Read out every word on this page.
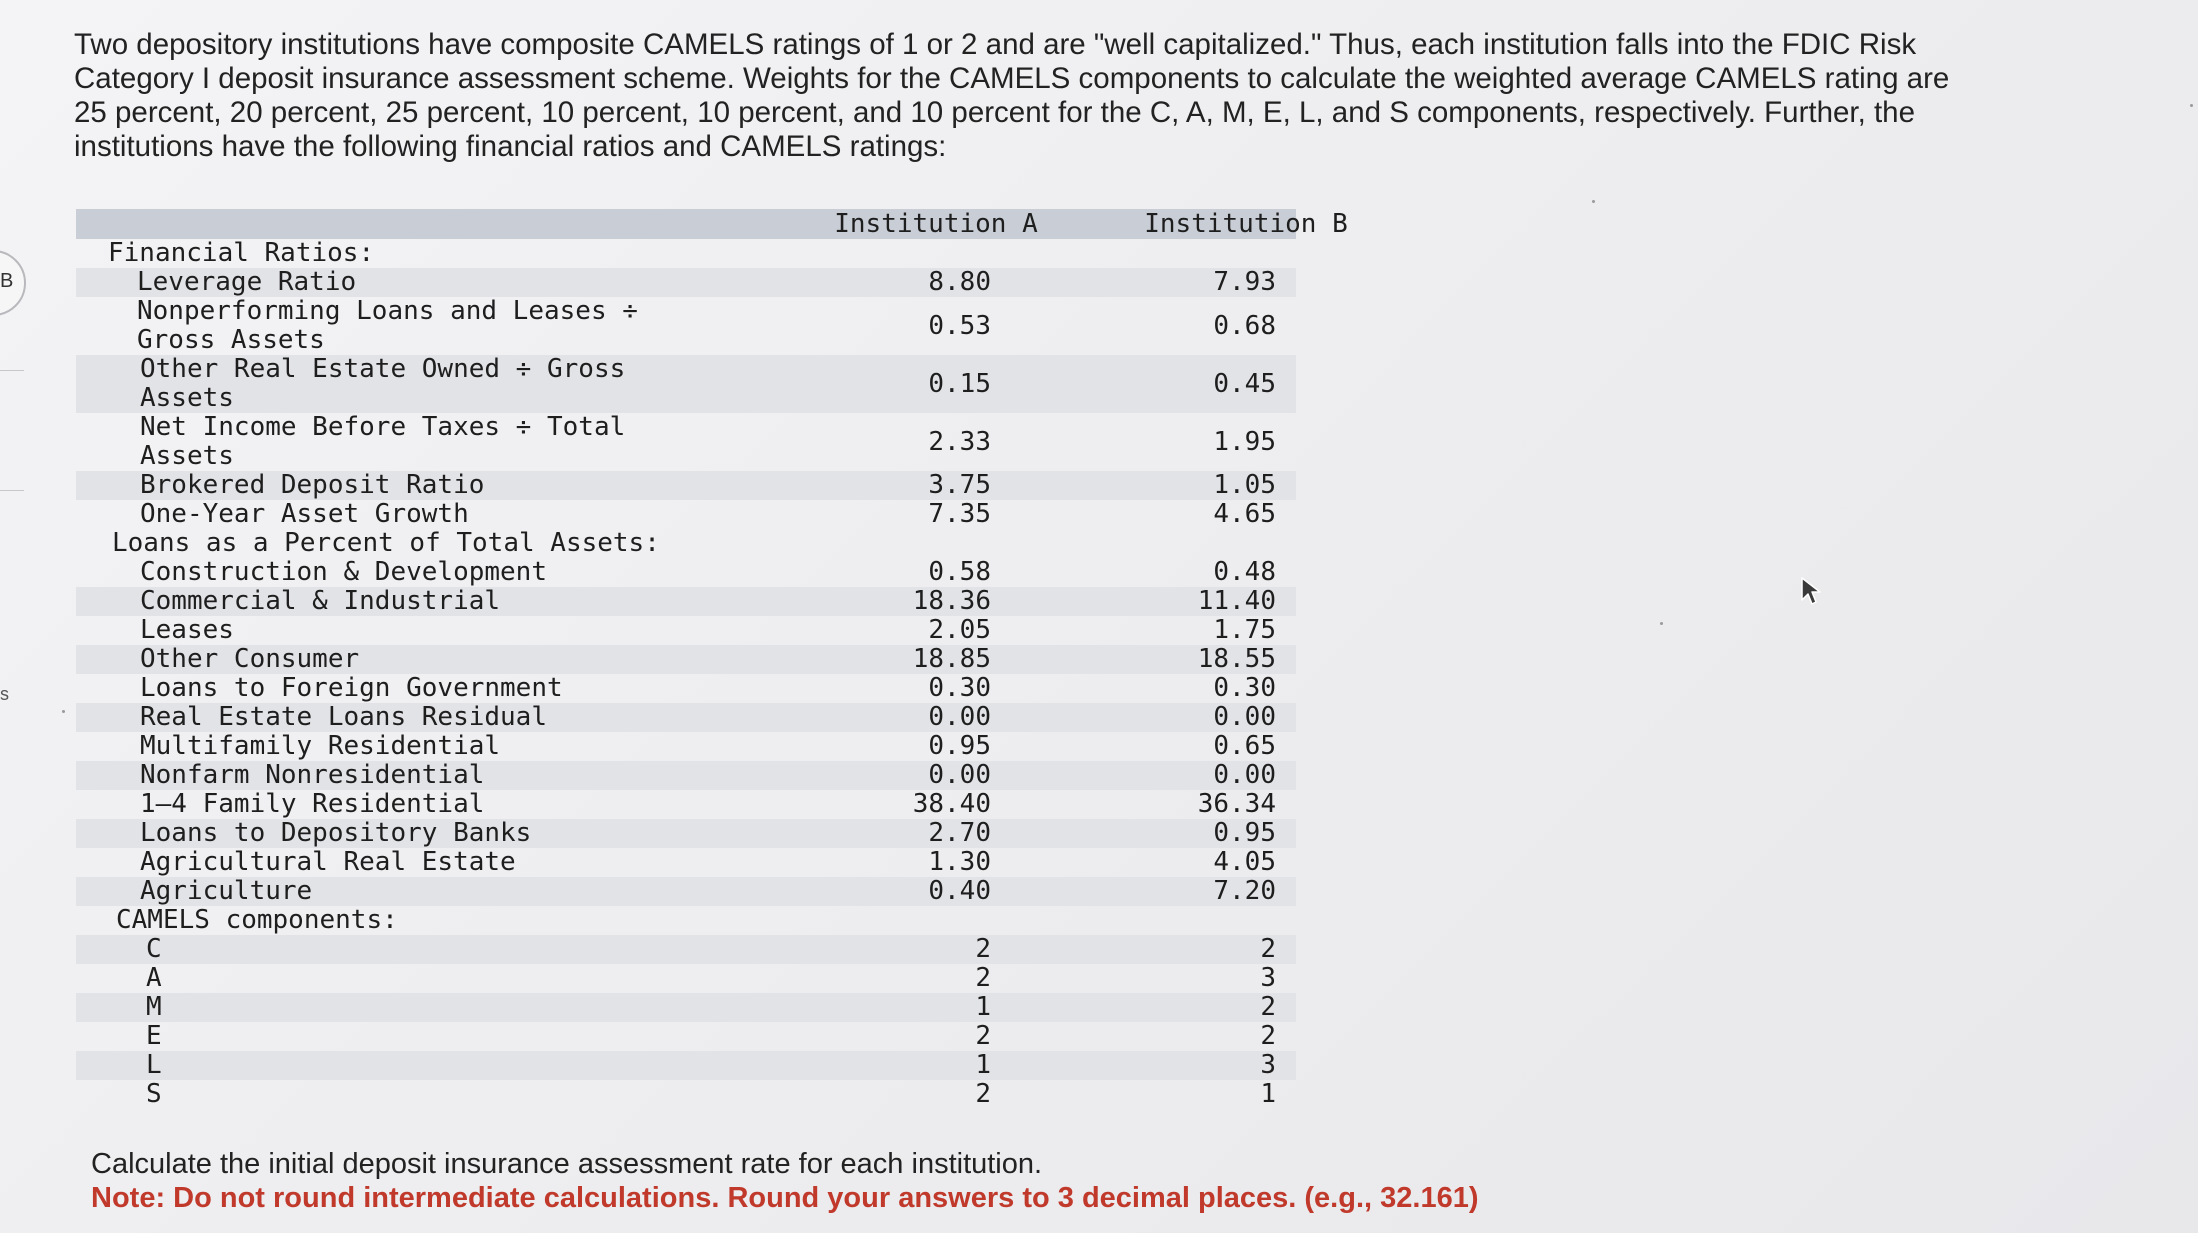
B
s
Two depository institutions have composite CAMELS ratings of 1 or 2 and are "well capitalized." Thus, each institution falls into the FDIC Risk Category I deposit insurance assessment scheme. Weights for the CAMELS components to calculate the weighted average CAMELS rating are 25 percent, 20 percent, 25 percent, 10 percent, 10 percent, and 10 percent for the C, A, M, E, L, and S components, respectively. Further, the institutions have the following financial ratios and CAMELS ratings:
Institution A	Institution B
Financial Ratios:
Leverage Ratio	8.80	7.93
Nonperforming Loans and Leases ÷ Gross Assets	0.53	0.68
Other Real Estate Owned ÷ Gross Assets	0.15	0.45
Net Income Before Taxes ÷ Total Assets	2.33	1.95
Brokered Deposit Ratio	3.75	1.05
One-Year Asset Growth	7.35	4.65
Loans as a Percent of Total Assets:
Construction & Development	0.58	0.48
Commercial & Industrial	18.36	11.40
Leases	2.05	1.75
Other Consumer	18.85	18.55
Loans to Foreign Government	0.30	0.30
Real Estate Loans Residual	0.00	0.00
Multifamily Residential	0.95	0.65
Nonfarm Nonresidential	0.00	0.00
1–4 Family Residential	38.40	36.34
Loans to Depository Banks	2.70	0.95
Agricultural Real Estate	1.30	4.05
Agriculture	0.40	7.20
CAMELS components:
C	2	2
A	2	3
M	1	2
E	2	2
L	1	3
S	2	1
Calculate the initial deposit insurance assessment rate for each institution.
Note: Do not round intermediate calculations. Round your answers to 3 decimal places. (e.g., 32.161)
